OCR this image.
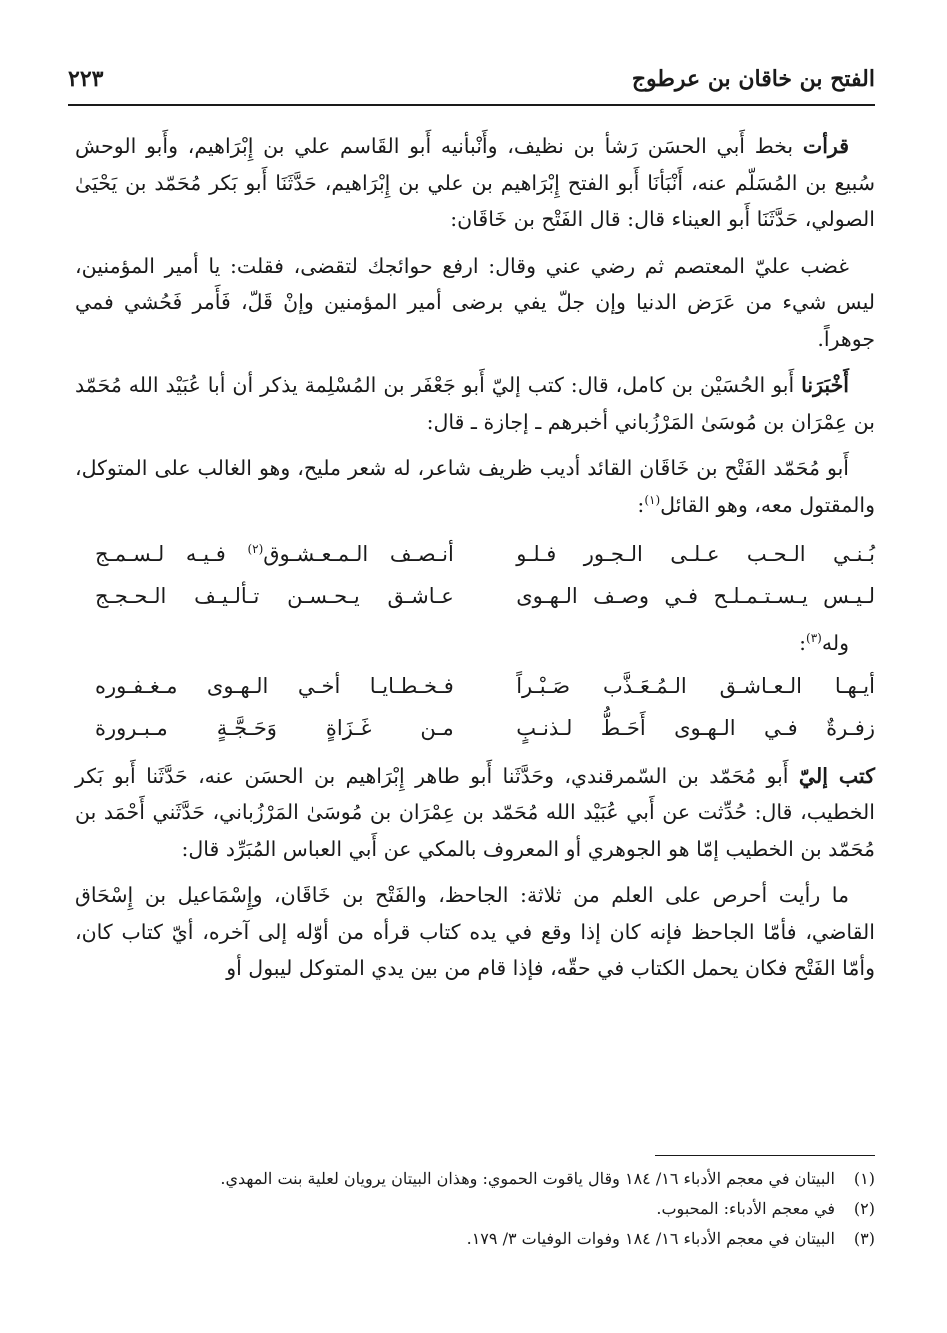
الفتح بن خاقان بن عرطوج
٢٢٣

قرأت بخط أَبي الحسَن رَشأ بن نظيف، وأَنْبأنيه أَبو القَاسم علي بن إِبْرَاهيم، وأَبو الوحش سُبيع بن المُسَلّم عنه، أَنْبَأنَا أَبو الفتح إِبْرَاهيم بن علي بن إِبْرَاهيم، حَدَّثَنَا أَبو بَكر مُحَمّد بن يَحْيَىٰ الصولي، حَدَّثَنَا أَبو العيناء قال: قال الفَتْح بن خَاقَان:

غضب عليّ المعتصم ثم رضي عني وقال: ارفع حوائجك لتقضى، فقلت: يا أمير المؤمنين، ليس شيء من عَرَض الدنيا وإن جلّ يفي برضى أمير المؤمنين وإنْ قَلّ، فَأَمر فَحُشي فمي جوهراً.

أَخْبَرَنا أَبو الحُسَيْن بن كامل، قال: كتب إليّ أَبو جَعْفَر بن المُسْلِمة يذكر أن أبا عُبَيْد الله مُحَمّد بن عِمْرَان بن مُوسَىٰ المَرْزُباني أخبرهم ـ إجازة ـ قال:

أَبو مُحَمّد الفَتْح بن خَاقَان القائد أديب ظريف شاعر، له شعر مليح، وهو الغالب على المتوكل، والمقتول معه، وهو القائل$^{(١)}$:

بُـنـي الـحـب عـلـى الـجـور فـلـو
أنـصـف الـمـعـشـوق$^{(٢)}$ فـيـه لـسـمـج
لـيـس يـسـتـمـلـح فـي وصـف الـهـوى
عـاشـق يـحـسـن تـألـيـف الـحـجـج

وله$^{(٣)}$:

أيـهـا الـعـاشـق الـمُـعَـذَّب صَـبْـراً
فـخـطـايـا أخـي الـهـوى مـغـفـوره
زفـرةٌ فـي الـهـوى أَحَـطُّ لـذنـبٍ
مـن غَـزَاةٍ وَحَـجَّـةٍ مـبـرورة

كتب إليّ أَبو مُحَمّد بن السّمرقندي، وحَدَّثَنا أَبو طاهر إِبْرَاهيم بن الحسَن عنه، حَدَّثَنا أَبو بَكر الخطيب، قال: حُدِّثت عن أَبي عُبَيْد الله مُحَمّد بن عِمْرَان بن مُوسَىٰ المَرْزُباني، حَدَّثَني أَحْمَد بن مُحَمّد بن الخطيب إمّا هو الجوهري أو المعروف بالمكي عن أَبي العباس المُبَرِّد قال:

ما رأيت أحرص على العلم من ثلاثة: الجاحظ، والفَتْح بن خَاقَان، وإِسْمَاعيل بن إِسْحَاق القاضي، فأمّا الجاحظ فإنه كان إذا وقع في يده كتاب قرأه من أوّله إلى آخره، أيّ كتاب كان، وأمّا الفَتْح فكان يحمل الكتاب في حقّه، فإذا قام من بين يدي المتوكل ليبول أو

(١)
البيتان في معجم الأدباء ١٦/ ١٨٤ وقال ياقوت الحموي: وهذان البيتان يرويان لعلية بنت المهدي.
(٢)
في معجم الأدباء: المحبوب.
(٣)
البيتان في معجم الأدباء ١٦/ ١٨٤ وفوات الوفيات ٣/ ١٧٩.
